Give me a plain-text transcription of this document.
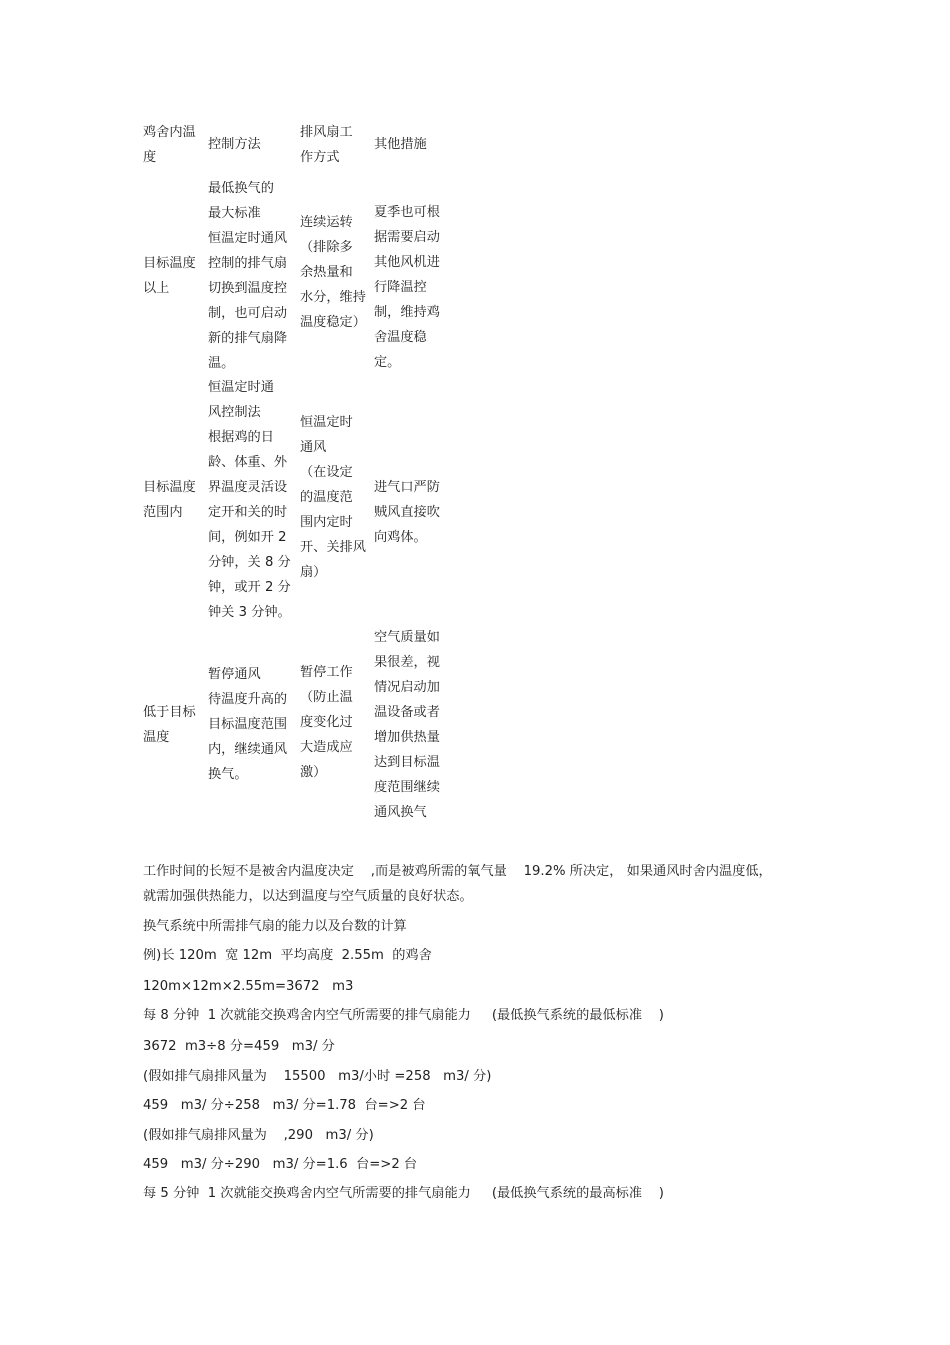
鸡舍内温
度
控制方法
排风扇工
作方式
其他措施
目标温度
以上
最低换气的
最大标准
恒温定时通风
控制的排气扇
切换到温度控
制，也可启动
新的排气扇降
温。
连续运转
（排除多
余热量和
水分，维持
温度稳定）
夏季也可根
据需要启动
其他风机进
行降温控
制，维持鸡
舍温度稳
定。
目标温度
范围内
恒温定时通
风控制法
根据鸡的日
龄、体重、外
界温度灵活设
定开和关的时
间，例如开 2
分钟，关 8 分
钟，或开 2 分
钟关 3 分钟。
恒温定时
通风
（在设定
的温度范
围内定时
开、关排风
扇）
进气口严防
贼风直接吹
向鸡体。
低于目标
温度
暂停通风
待温度升高的
目标温度范围
内，继续通风
换气。
暂停工作
（防止温
度变化过
大造成应
激）
空气质量如
果很差，视
情况启动加
温设备或者
增加供热量
达到目标温
度范围继续
通风换气
工作时间的长短不是被舍内温度决定    ,而是被鸡所需的氧气量    19.2% 所决定， 如果通风时舍内温度低，
就需加强供热能力，以达到温度与空气质量的良好状态。
换气系统中所需排气扇的能力以及台数的计算
例)长 120m  宽 12m  平均高度  2.55m  的鸡舍
120m×12m×2.55m=3672   m3
每 8 分钟  1 次就能交换鸡舍内空气所需要的排气扇能力     (最低换气系统的最低标准    )
3672  m3÷8 分=459   m3/ 分
(假如排气扇排风量为    15500   m3/小时 =258   m3/ 分)
459   m3/ 分÷258   m3/ 分=1.78  台=>2 台
(假如排气扇排风量为    ,290   m3/ 分)
459   m3/ 分÷290   m3/ 分=1.6  台=>2 台
每 5 分钟  1 次就能交换鸡舍内空气所需要的排气扇能力     (最低换气系统的最高标准    )
